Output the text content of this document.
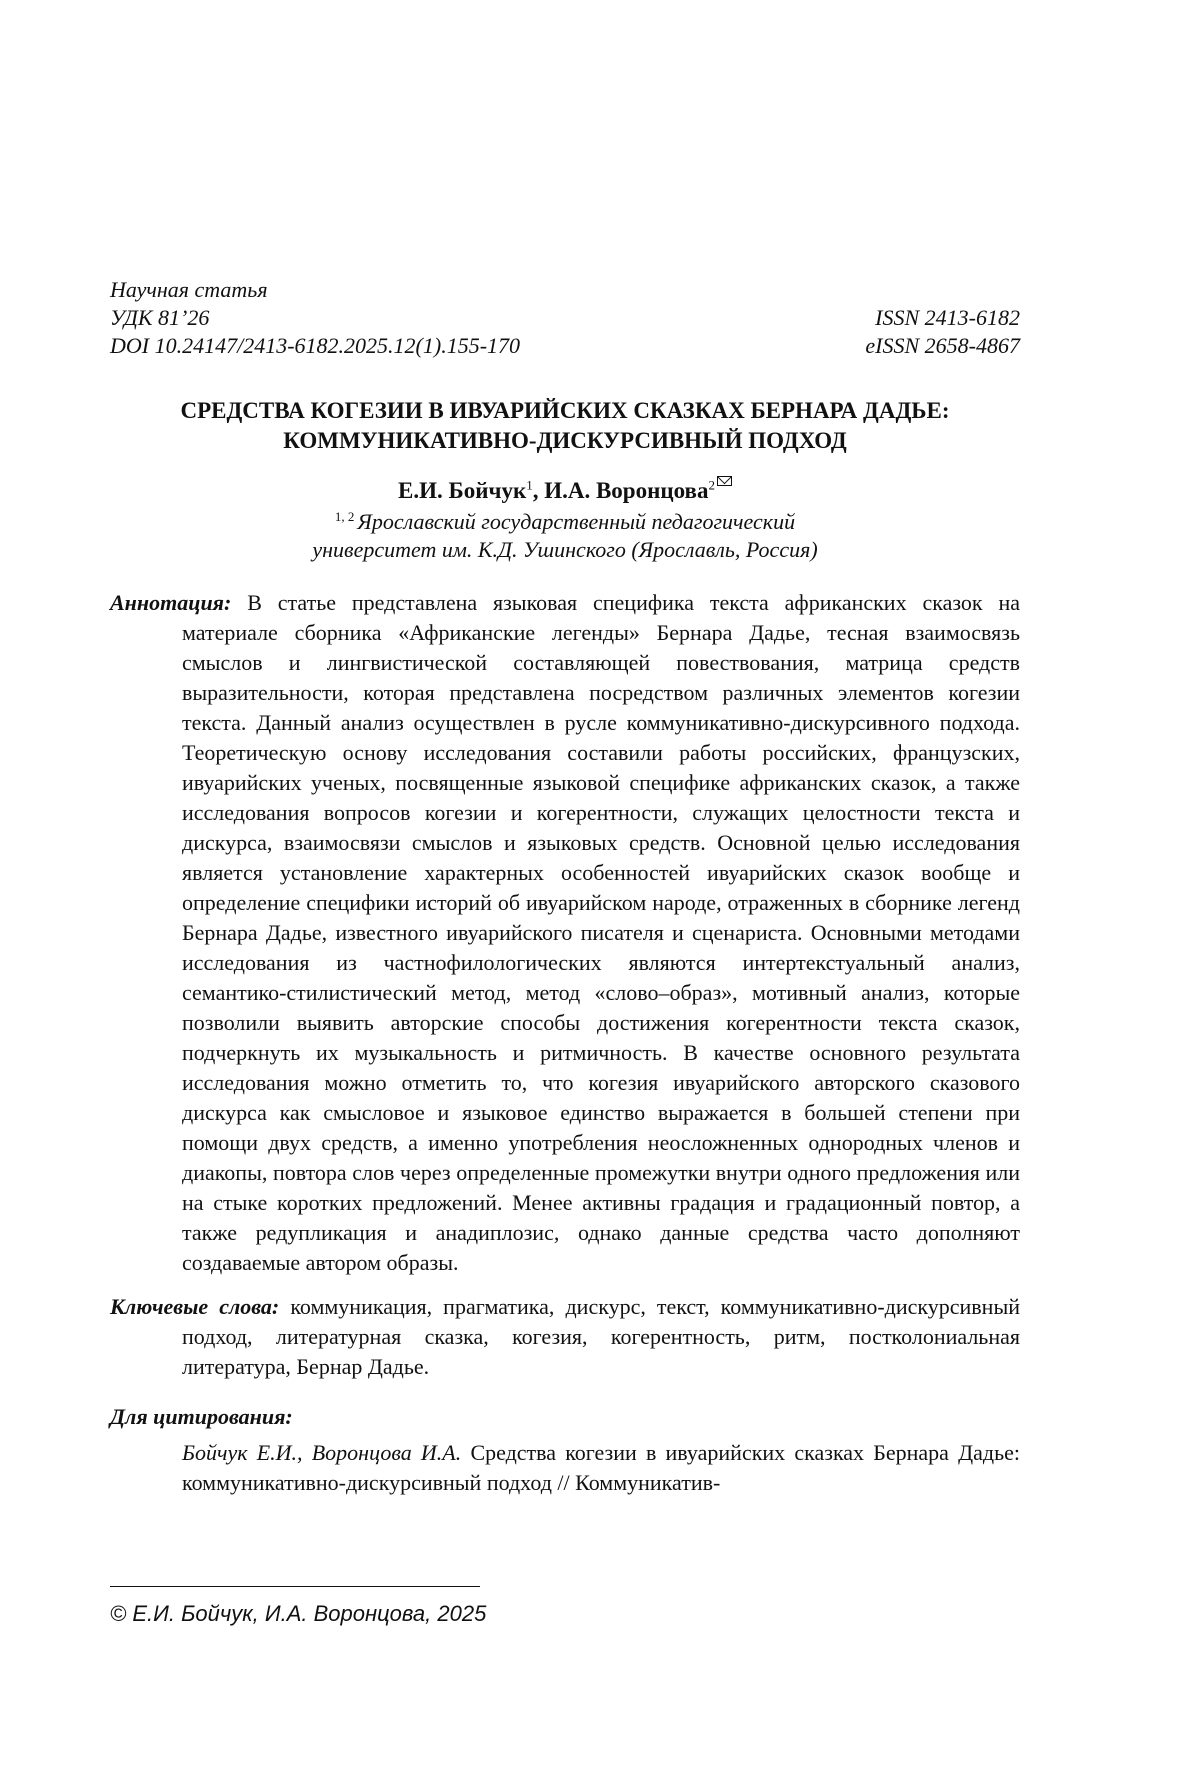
Научная статья
УДК 81’26	ISSN 2413-6182
DOI 10.24147/2413-6182.2025.12(1).155-170	eISSN 2658-4867
СРЕДСТВА КОГЕЗИИ В ИВУАРИЙСКИХ СКАЗКАХ БЕРНАРА ДАДЬЕ:
КОММУНИКАТИВНО-ДИСКУРСИВНЫЙ ПОДХОД
Е.И. Бойчук$^1$, И.А. Воронцова$^2$
$^{1, 2}$ Ярославский государственный педагогический
университет им. К.Д. Ушинского (Ярославль, Россия)
Аннотация: В статье представлена языковая специфика текста африканских сказок на материале сборника «Африканские легенды» Бернара Дадье, тесная взаимосвязь смыслов и лингвистической составляющей повествования, матрица средств выразительности, которая представлена посредством различных элементов когезии текста. Данный анализ осуществлен в русле коммуникативно-дискурсивного подхода. Теоретическую основу исследования составили работы российских, французских, ивуарийских ученых, посвященные языковой специфике африканских сказок, а также исследования вопросов когезии и когерентности, служащих целостности текста и дискурса, взаимосвязи смыслов и языковых средств. Основной целью исследования является установление характерных особенностей ивуарийских сказок вообще и определение специфики историй об ивуарийском народе, отраженных в сборнике легенд Бернара Дадье, известного ивуарийского писателя и сценариста. Основными методами исследования из частнофилологических являются интертекстуальный анализ, семантико-стилистический метод, метод «слово–образ», мотивный анализ, которые позволили выявить авторские способы достижения когерентности текста сказок, подчеркнуть их музыкальность и ритмичность. В качестве основного результата исследования можно отметить то, что когезия ивуарийского авторского сказового дискурса как смысловое и языковое единство выражается в большей степени при помощи двух средств, а именно употребления неосложненных однородных членов и диакопы, повтора слов через определенные промежутки внутри одного предложения или на стыке коротких предложений. Менее активны градация и градационный повтор, а также редупликация и анадиплозис, однако данные средства часто дополняют создаваемые автором образы.
Ключевые слова: коммуникация, прагматика, дискурс, текст, коммуникативно-дискурсивный подход, литературная сказка, когезия, когерентность, ритм, постколониальная литература, Бернар Дадье.
Для цитирования:
Бойчук Е.И., Воронцова И.А. Средства когезии в ивуарийских сказках Бернара Дадье: коммуникативно-дискурсивный подход // Коммуникатив-
© Е.И. Бойчук, И.А. Воронцова, 2025
